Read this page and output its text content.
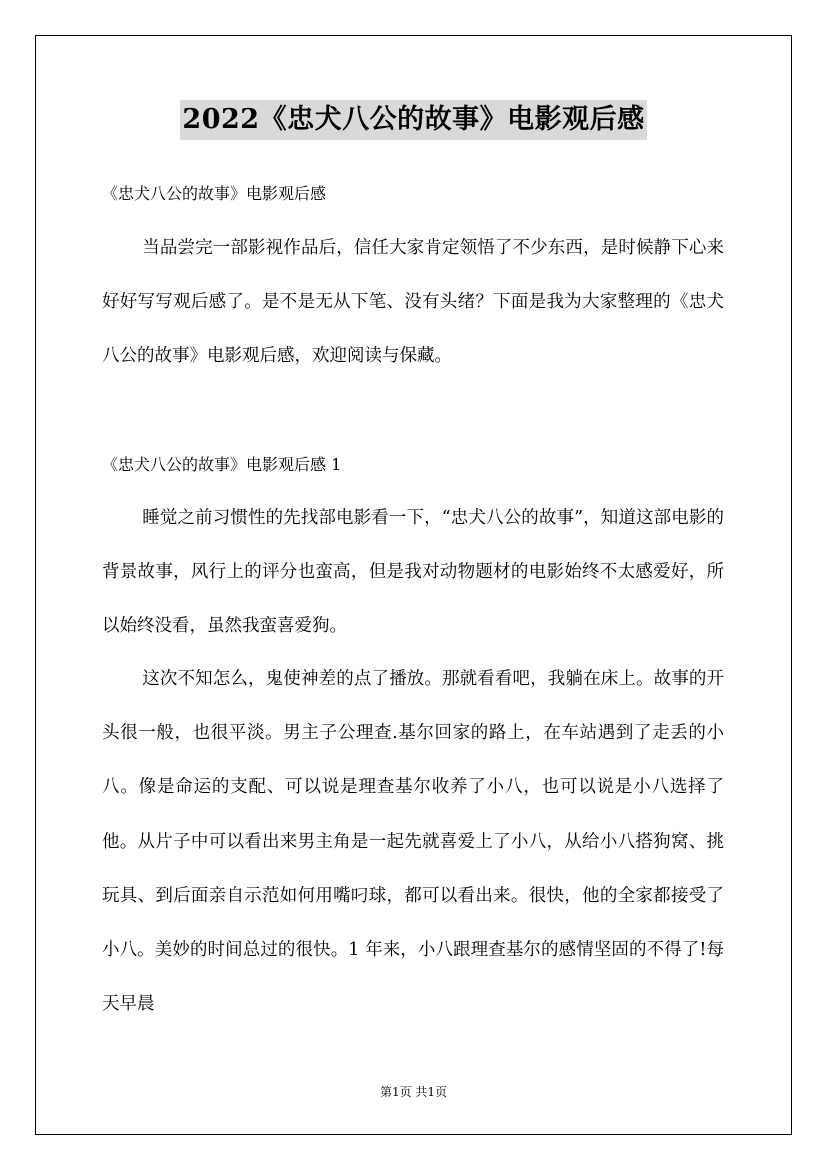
2022《忠犬八公的故事》电影观后感
《忠犬八公的故事》电影观后感

当品尝完一部影视作品后，信任大家肯定领悟了不少东西，是时候静下心来好好写写观后感了。是不是无从下笔、没有头绪？下面是我为大家整理的《忠犬八公的故事》电影观后感，欢迎阅读与保藏。

《忠犬八公的故事》电影观后感 1

睡觉之前习惯性的先找部电影看一下，“忠犬八公的故事”，知道这部电影的背景故事，风行上的评分也蛮高，但是我对动物题材的电影始终不太感爱好，所以始终没看，虽然我蛮喜爱狗。

这次不知怎么，鬼使神差的点了播放。那就看看吧，我躺在床上。故事的开头很一般，也很平淡。男主子公理查.基尔回家的路上，在车站遇到了走丢的小八。像是命运的支配、可以说是理查基尔收养了小八，也可以说是小八选择了他。从片子中可以看出来男主角是一起先就喜爱上了小八，从给小八搭狗窝、挑玩具、到后面亲自示范如何用嘴叼球，都可以看出来。很快，他的全家都接受了小八。美妙的时间总过的很快。1 年来，小八跟理查基尔的感情坚固的不得了!每天早晨

第1页 共1页
